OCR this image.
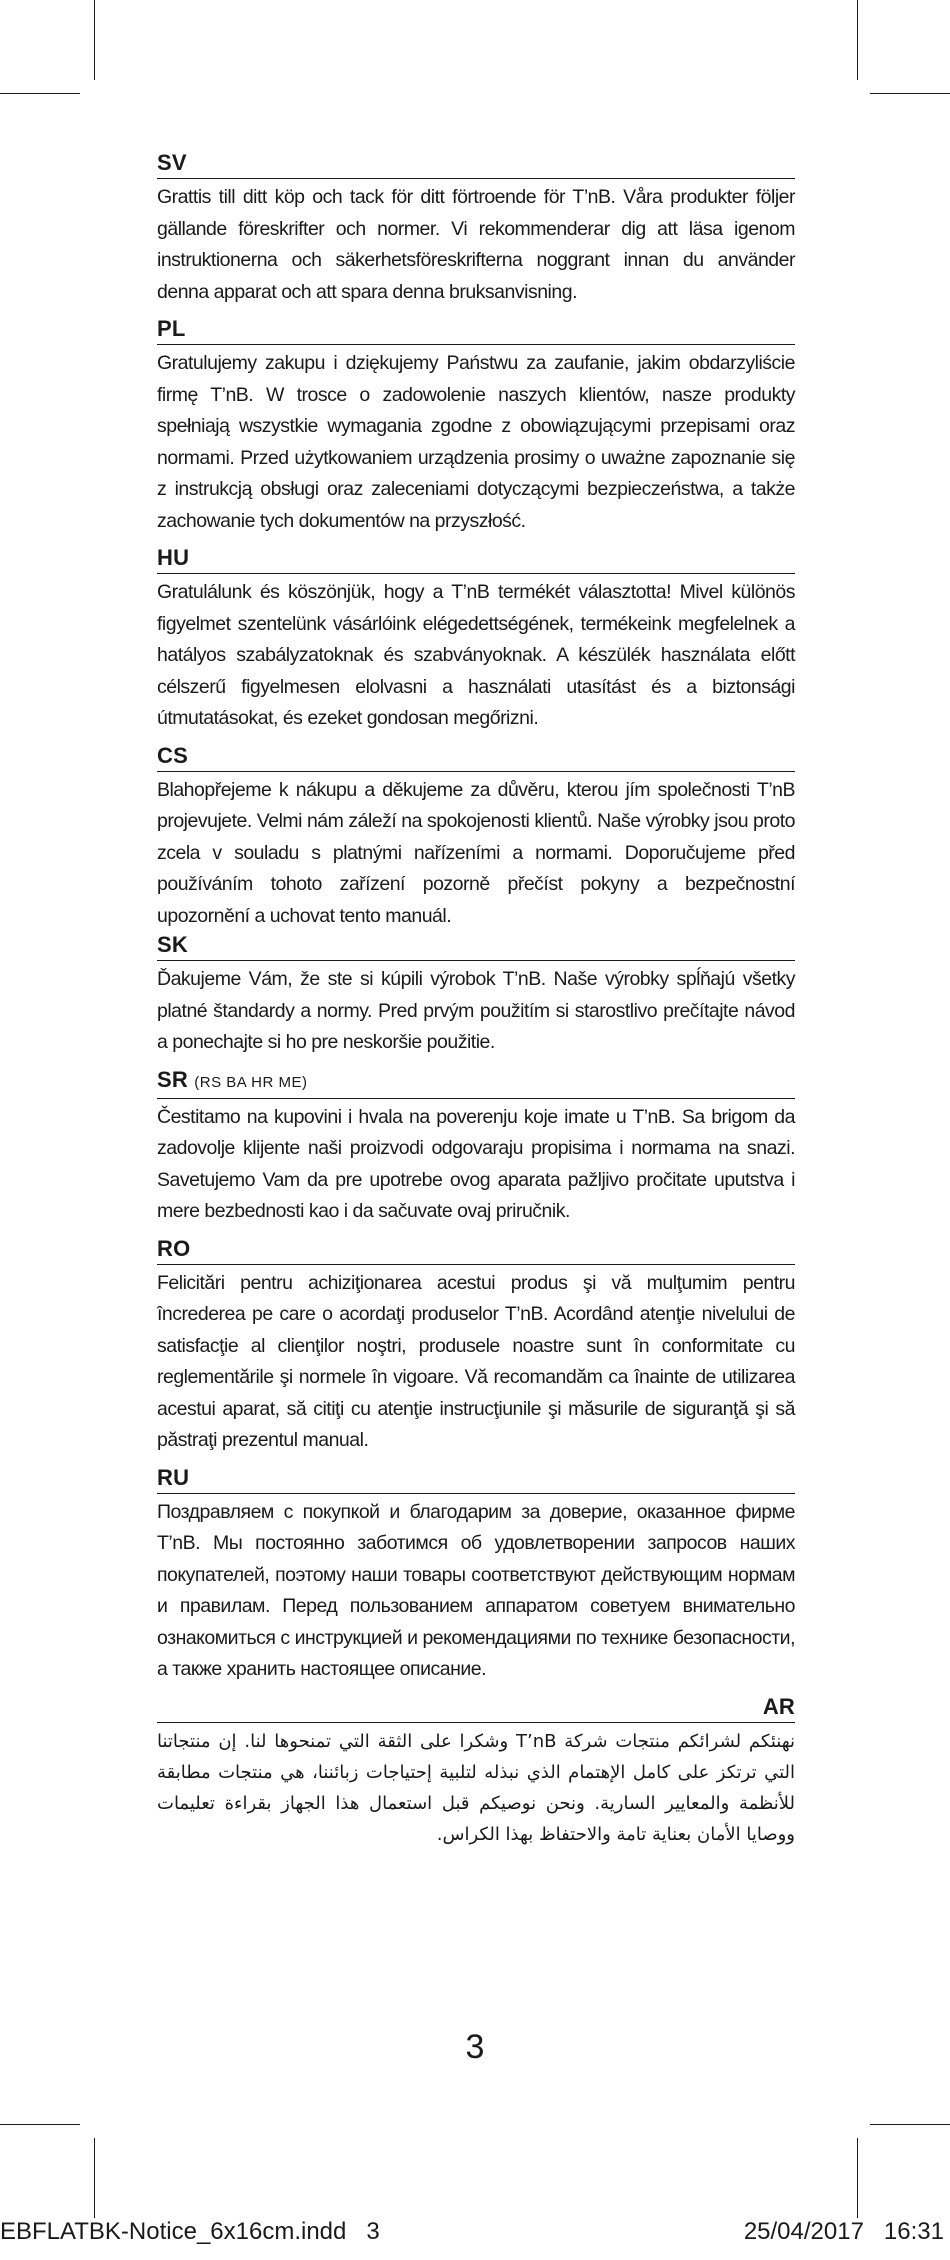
SV

Grattis till ditt köp och tack för ditt förtroende för T’nB. Våra produkter följer gällande föreskrifter och normer. Vi rekommenderar dig att läsa igenom instruktionerna och säkerhetsföreskrifterna noggrant innan du använder denna apparat och att spara denna bruksanvisning.

PL

Gratulujemy zakupu i dziękujemy Państwu za zaufanie, jakim obdarzyliście firmę T’nB. W trosce o zadowolenie naszych klientów, nasze produkty spełniają wszystkie wymagania zgodne z obowiązującymi przepisami oraz normami. Przed użytkowaniem urządzenia prosimy o uważne zapoznanie się z instrukcją obsługi oraz zaleceniami dotyczącymi bezpieczeństwa, a także zachowanie tych dokumentów na przyszłość.

HU

Gratulálunk és köszönjük, hogy a T’nB termékét választotta! Mivel különös figyelmet szentelünk vásárlóink elégedettségének, termékeink megfelelnek a hatályos szabályzatoknak és szabványoknak. A készülék használata előtt célszerű figyelmesen elolvasni a használati utasítást és a biztonsági útmutatásokat, és ezeket gondosan megőrizni.

CS

Blahopřejeme k nákupu a děkujeme za důvěru, kterou jím společnosti T’nB projevujete. Velmi nám záleží na spokojenosti klientů. Naše výrobky jsou proto zcela v souladu s platnými nařízeními a normami. Doporučujeme před používáním tohoto zařízení pozorně přečíst pokyny a bezpečnostní upozornění a uchovat tento manuál.

SK

Ďakujeme Vám, že ste si kúpili výrobok T’nB. Naše výrobky spĺňajú všetky platné štandardy a normy. Pred prvým použitím si starostlivo prečítajte návod a ponechajte si ho pre neskoršie použitie.

SR (RS BA HR ME)

Čestitamo na kupovini i hvala na poverenju koje imate u T’nB. Sa brigom da zadovolje klijente naši proizvodi odgovaraju propisima i normama na snazi. Savetujemo Vam da pre upotrebe ovog aparata pažljivo pročitate uputstva i mere bezbednosti kao i da sačuvate ovaj priručnik.

RO

Felicitări pentru achiziţionarea acestui produs şi vă mulţumim pentru încrederea pe care o acordaţi produselor T’nB. Acordând atenţie nivelului de satisfacţie al clienţilor noştri, produsele noastre sunt în conformitate cu reglementările şi normele în vigoare. Vă recomandăm ca înainte de utilizarea acestui aparat, să citiţi cu atenţie instrucţiunile şi măsurile de siguranţă şi să păstraţi prezentul manual.

RU

Поздравляем с покупкой и благодарим за доверие, оказанное фирме T’nB. Мы постоянно заботимся об удовлетворении запросов наших покупателей, поэтому наши товары соответствуют действующим нормам и правилам. Перед пользованием аппаратом советуем внимательно ознакомиться с инструкцией и рекомендациями по технике безопасности, а также хранить настоящее описание.

AR

نهنئكم لشرائكم منتجات شركة T’nB وشكرا على الثقة التي تمنحوها لنا. إن منتجاتنا التي ترتكز على كامل الإهتمام الذي نبذله لتلبية إحتياجات زبائننا، هي منتجات مطابقة للأنظمة والمعايير السارية. ونحن نوصيكم قبل استعمال هذا الجهاز بقراءة تعليمات ووصايا الأمان بعناية تامة والاحتفاظ بهذا الكراس.

3
EBFLATBK-Notice_6x16cm.indd   3	25/04/2017   16:31
